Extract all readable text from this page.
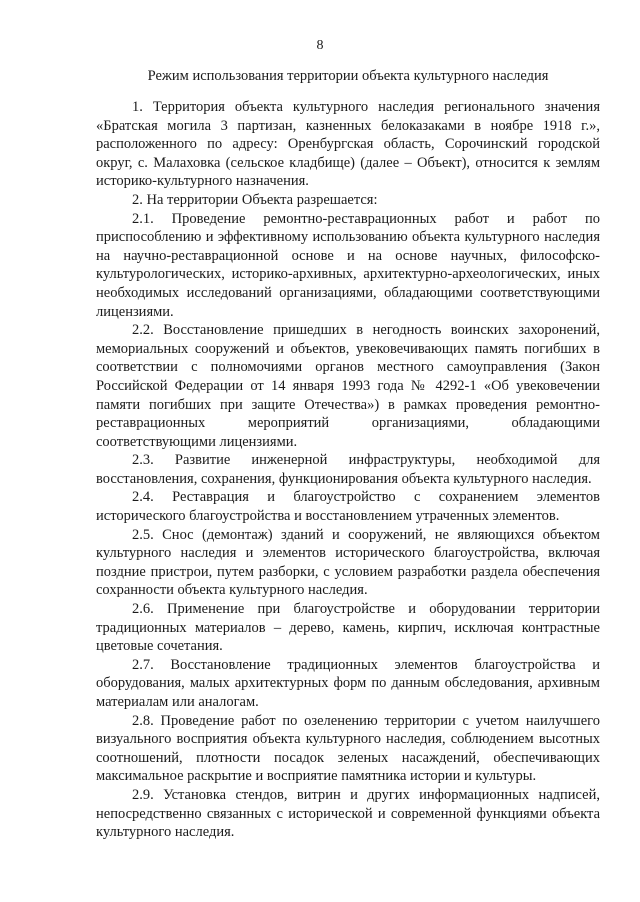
8
Режим использования территории объекта культурного наследия

1. Территория объекта культурного наследия регионального значения «Братская могила 3 партизан, казненных белоказаками в ноябре 1918 г.», расположенного по адресу: Оренбургская область, Сорочинский городской округ, с. Малаховка (сельское кладбище) (далее – Объект), относится к землям историко-культурного назначения.

2. На территории Объекта разрешается:

2.1. Проведение ремонтно-реставрационных работ и работ по приспособлению и эффективному использованию объекта культурного наследия на научно-реставрационной основе и на основе научных, философско-культурологических, историко-архивных, архитектурно-археологических, иных необходимых исследований организациями, обладающими соответствующими лицензиями.

2.2. Восстановление пришедших в негодность воинских захоронений, мемориальных сооружений и объектов, увековечивающих память погибших в соответствии с полномочиями органов местного самоуправления (Закон Российской Федерации от 14 января 1993 года № 4292-1 «Об увековечении памяти погибших при защите Отечества») в рамках проведения ремонтно-реставрационных мероприятий организациями, обладающими соответствующими лицензиями.

2.3. Развитие инженерной инфраструктуры, необходимой для восстановления, сохранения, функционирования объекта культурного наследия.

2.4. Реставрация и благоустройство с сохранением элементов исторического благоустройства и восстановлением утраченных элементов.

2.5. Снос (демонтаж) зданий и сооружений, не являющихся объектом культурного наследия и элементов исторического благоустройства, включая поздние пристрои, путем разборки, с условием разработки раздела обеспечения сохранности объекта культурного наследия.

2.6. Применение при благоустройстве и оборудовании территории традиционных материалов – дерево, камень, кирпич, исключая контрастные цветовые сочетания.

2.7. Восстановление традиционных элементов благоустройства и оборудования, малых архитектурных форм по данным обследования, архивным материалам или аналогам.

2.8. Проведение работ по озеленению территории с учетом наилучшего визуального восприятия объекта культурного наследия, соблюдением высотных соотношений, плотности посадок зеленых насаждений, обеспечивающих максимальное раскрытие и восприятие памятника истории и культуры.

2.9. Установка стендов, витрин и других информационных надписей, непосредственно связанных с исторической и современной функциями объекта культурного наследия.
